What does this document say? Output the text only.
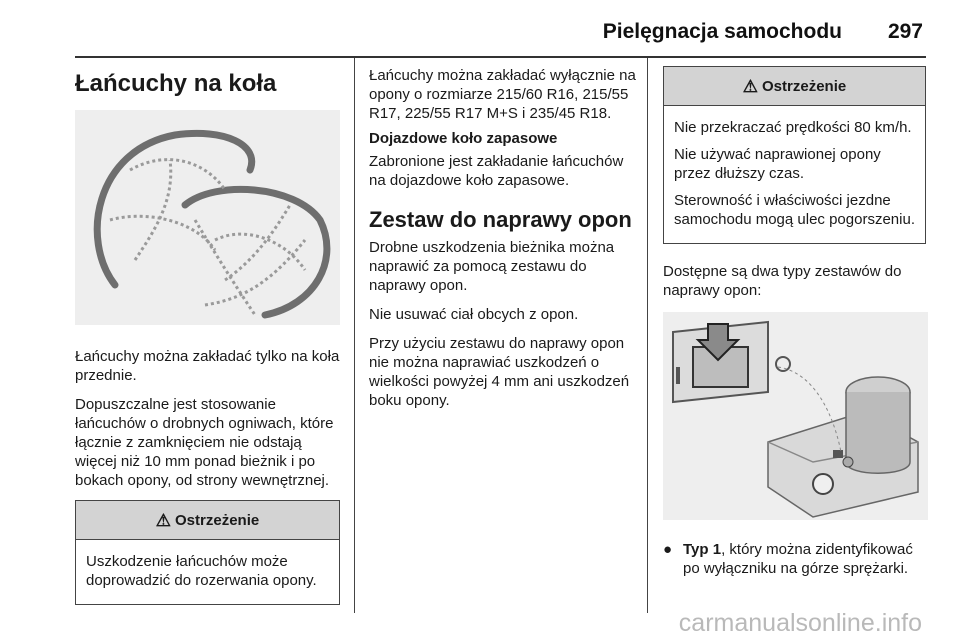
Pielęgnacja samochodu 297
Łańcuchy na koła

Łańcuchy można zakładać tylko na koła przednie.

Dopuszczalne jest stosowanie łańcuchów o drobnych ogniwach, które łącznie z zamknięciem nie odstają więcej niż 10 mm ponad bieżnik i po bokach opony, od strony wewnętrznej.

⚠ Ostrzeżenie

Uszkodzenie łańcuchów może doprowadzić do rozerwania opony.

Łańcuchy można zakładać wyłącznie na opony o rozmiarze 215/60 R16, 215/55 R17, 225/55 R17 M+S i 235/45 R18.

Dojazdowe koło zapasowe

Zabronione jest zakładanie łańcuchów na dojazdowe koło zapasowe.

Zestaw do naprawy opon

Drobne uszkodzenia bieżnika można naprawić za pomocą zestawu do naprawy opon.

Nie usuwać ciał obcych z opon.

Przy użyciu zestawu do naprawy opon nie można naprawiać uszkodzeń o wielkości powyżej 4 mm ani uszkodzeń boku opony.

⚠ Ostrzeżenie

Nie przekraczać prędkości 80 km/h.

Nie używać naprawionej opony przez dłuższy czas.

Sterowność i właściwości jezdne samochodu mogą ulec pogorszeniu.

Dostępne są dwa typy zestawów do naprawy opon:

● Typ 1, który można zidentyfikować po wyłączniku na górze sprężarki.
carmanualsonline.info
